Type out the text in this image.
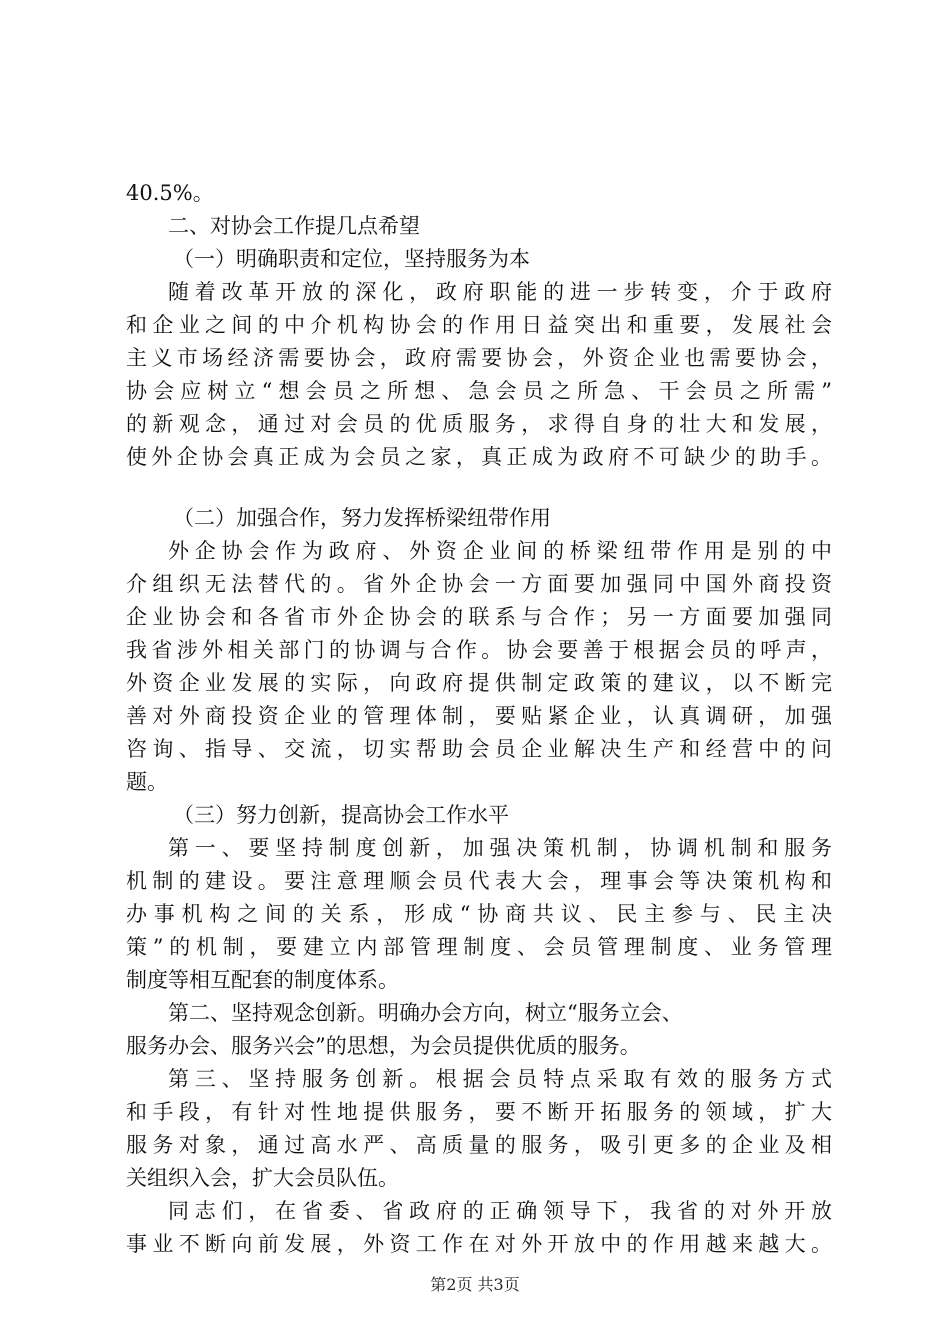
40.5%。
二、对协会工作提几点希望
（一）明确职责和定位，坚持服务为本
随着改革开放的深化，政府职能的进一步转变，介于政府
和企业之间的中介机构协会的作用日益突出和重要，发展社会
主义市场经济需要协会，政府需要协会，外资企业也需要协会，
协会应树立“想会员之所想、急会员之所急、干会员之所需”
的新观念，通过对会员的优质服务，求得自身的壮大和发展，
使外企协会真正成为会员之家，真正成为政府不可缺少的助手。
（二）加强合作，努力发挥桥梁纽带作用
外企协会作为政府、外资企业间的桥梁纽带作用是别的中
介组织无法替代的。省外企协会一方面要加强同中国外商投资
企业协会和各省市外企协会的联系与合作；另一方面要加强同
我省涉外相关部门的协调与合作。协会要善于根据会员的呼声，
外资企业发展的实际，向政府提供制定政策的建议，以不断完
善对外商投资企业的管理体制，要贴紧企业，认真调研，加强
咨询、指导、交流，切实帮助会员企业解决生产和经营中的问
题。
（三）努力创新，提高协会工作水平
第一、要坚持制度创新，加强决策机制，协调机制和服务
机制的建设。要注意理顺会员代表大会，理事会等决策机构和
办事机构之间的关系，形成“协商共议、民主参与、民主决
策”的机制，要建立内部管理制度、会员管理制度、业务管理
制度等相互配套的制度体系。
第二、坚持观念创新。明确办会方向，树立“服务立会、
服务办会、服务兴会”的思想，为会员提供优质的服务。
第三、坚持服务创新。根据会员特点采取有效的服务方式
和手段，有针对性地提供服务，要不断开拓服务的领域，扩大
服务对象，通过高水严、高质量的服务，吸引更多的企业及相
关组织入会，扩大会员队伍。
同志们，在省委、省政府的正确领导下，我省的对外开放
事业不断向前发展，外资工作在对外开放中的作用越来越大。
第2页 共3页
